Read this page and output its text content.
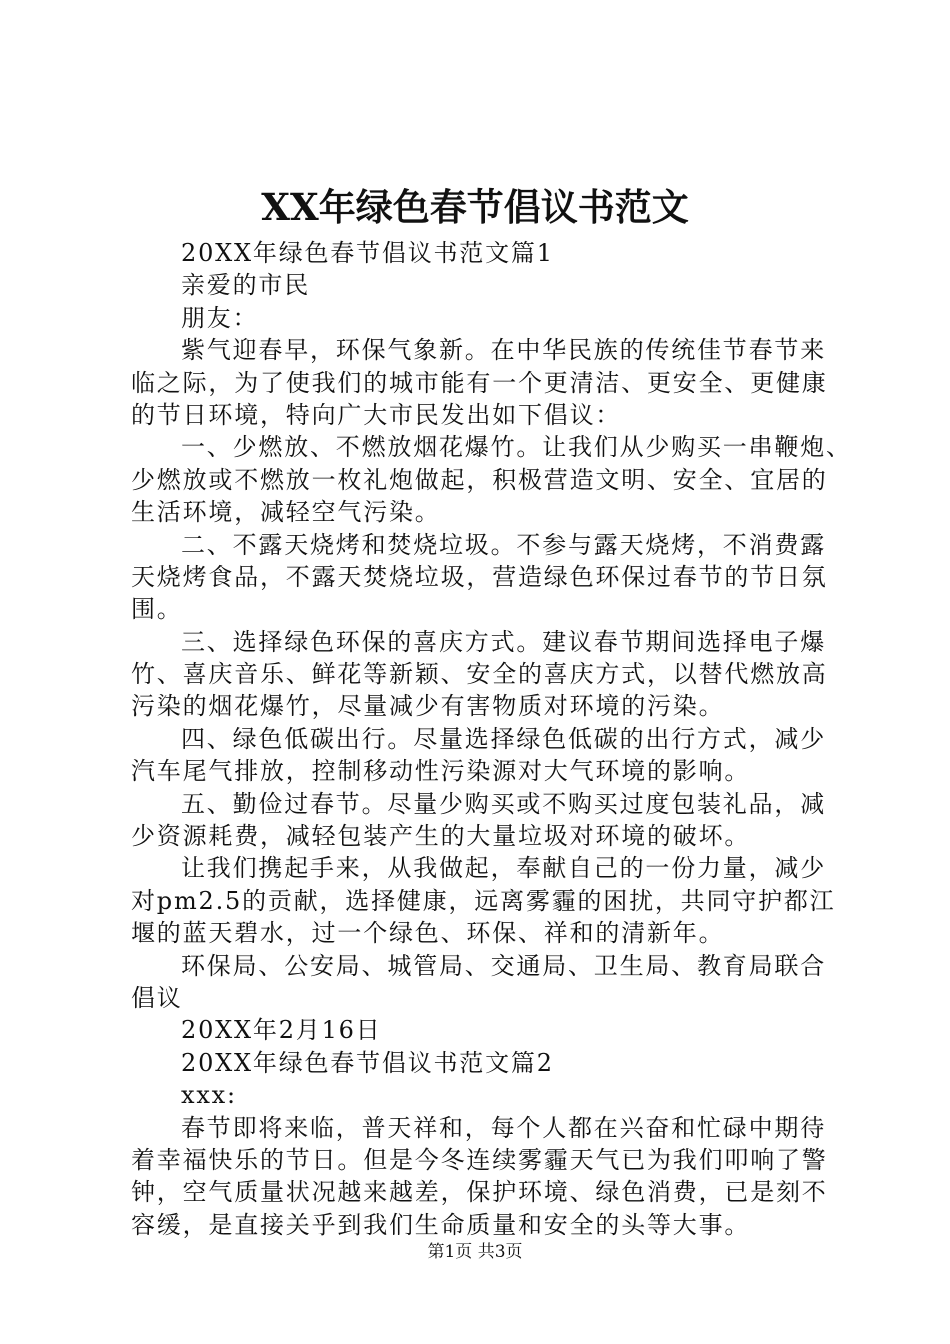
XX年绿色春节倡议书范文
20XX年绿色春节倡议书范文篇1
亲爱的市民
朋友：
紫气迎春早，环保气象新。在中华民族的传统佳节春节来
临之际，为了使我们的城市能有一个更清洁、更安全、更健康
的节日环境，特向广大市民发出如下倡议：
一、少燃放、不燃放烟花爆竹。让我们从少购买一串鞭炮、
少燃放或不燃放一枚礼炮做起，积极营造文明、安全、宜居的
生活环境，减轻空气污染。
二、不露天烧烤和焚烧垃圾。不参与露天烧烤，不消费露
天烧烤食品，不露天焚烧垃圾，营造绿色环保过春节的节日氛
围。
三、选择绿色环保的喜庆方式。建议春节期间选择电子爆
竹、喜庆音乐、鲜花等新颖、安全的喜庆方式，以替代燃放高
污染的烟花爆竹，尽量减少有害物质对环境的污染。
四、绿色低碳出行。尽量选择绿色低碳的出行方式，减少
汽车尾气排放，控制移动性污染源对大气环境的影响。
五、勤俭过春节。尽量少购买或不购买过度包装礼品，减
少资源耗费，减轻包装产生的大量垃圾对环境的破坏。
让我们携起手来，从我做起，奉献自己的一份力量，减少
对pm2.5的贡献，选择健康，远离雾霾的困扰，共同守护都江
堰的蓝天碧水，过一个绿色、环保、祥和的清新年。
环保局、公安局、城管局、交通局、卫生局、教育局联合
倡议
20XX年2月16日
20XX年绿色春节倡议书范文篇2
xxx:
春节即将来临，普天祥和，每个人都在兴奋和忙碌中期待
着幸福快乐的节日。但是今冬连续雾霾天气已为我们叩响了警
钟，空气质量状况越来越差，保护环境、绿色消费，已是刻不
容缓，是直接关乎到我们生命质量和安全的头等大事。
第1页 共3页
